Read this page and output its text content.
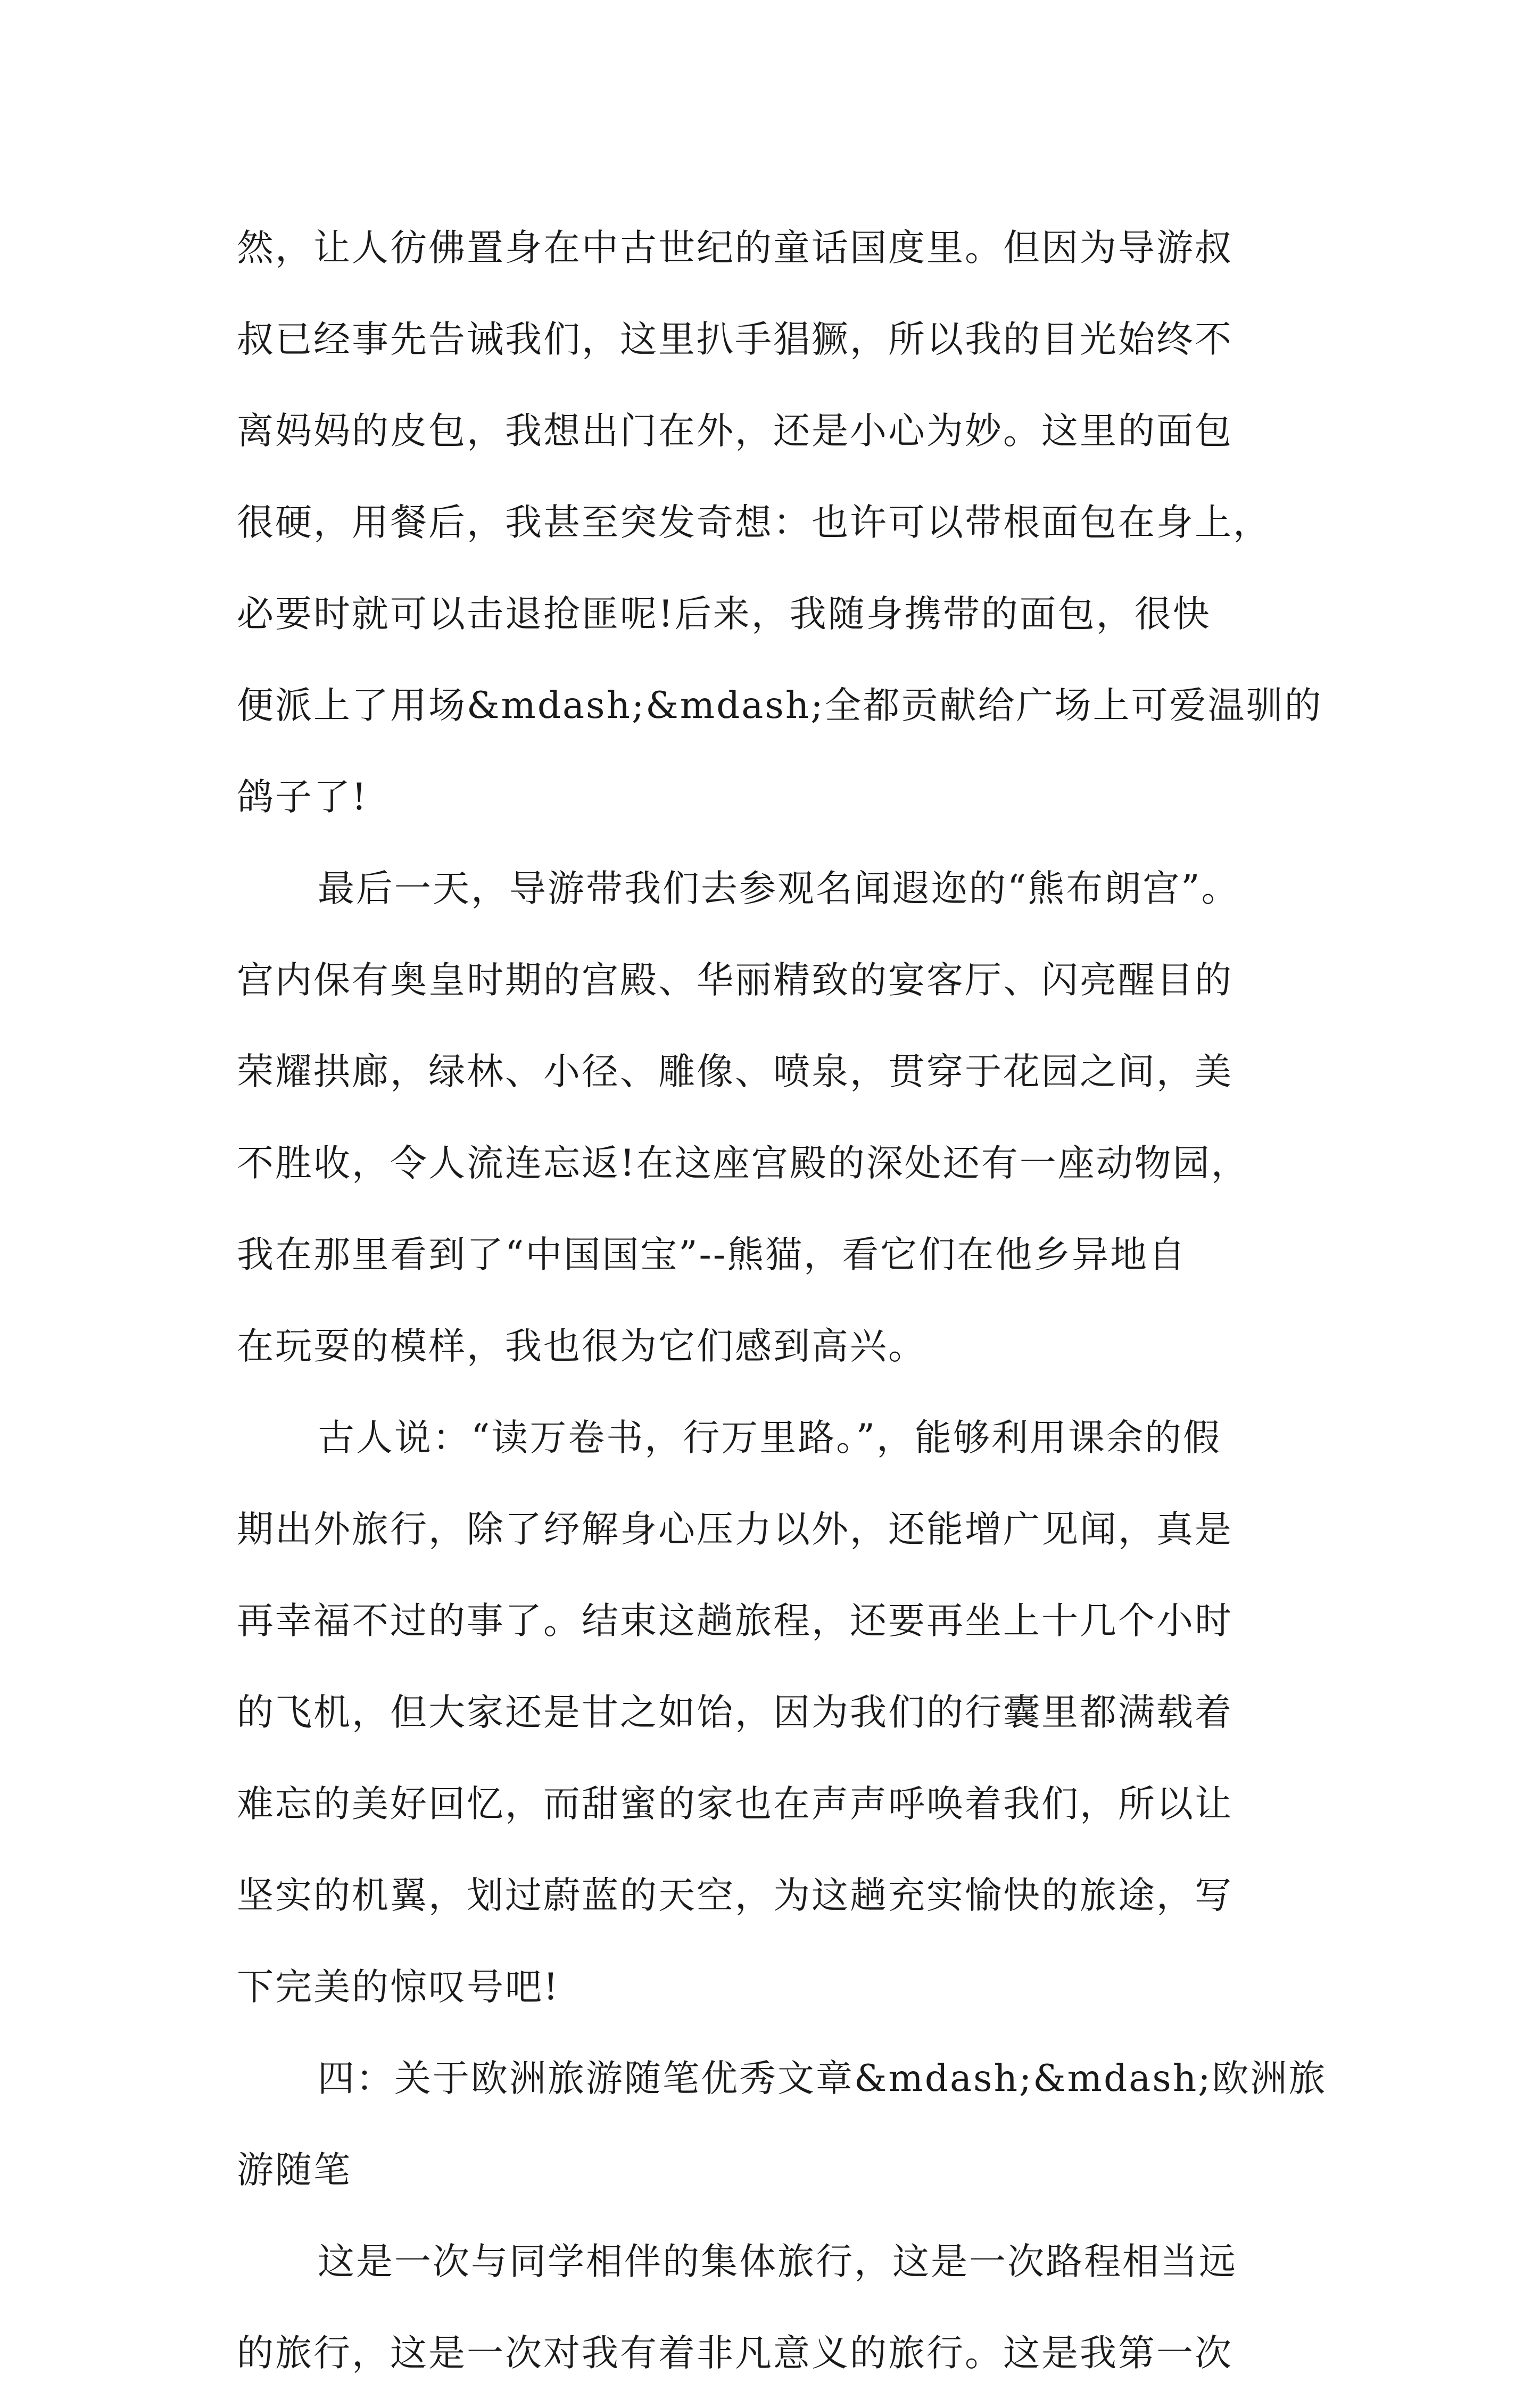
然，让人彷佛置身在中古世纪的童话国度里。但因为导游叔
叔已经事先告诫我们，这里扒手猖獗，所以我的目光始终不
离妈妈的皮包，我想出门在外，还是小心为妙。这里的面包
很硬，用餐后，我甚至突发奇想：也许可以带根面包在身上，
必要时就可以击退抢匪呢!后来，我随身携带的面包，很快
便派上了用场&mdash;&mdash;全都贡献给广场上可爱温驯的
鸽子了!
最后一天，导游带我们去参观名闻遐迩的“熊布朗宫”。
宫内保有奥皇时期的宫殿、华丽精致的宴客厅、闪亮醒目的
荣耀拱廊，绿林、小径、雕像、喷泉，贯穿于花园之间，美
不胜收，令人流连忘返!在这座宫殿的深处还有一座动物园，
我在那里看到了“中国国宝”--熊猫，看它们在他乡异地自
在玩耍的模样，我也很为它们感到高兴。
古人说：“读万卷书，行万里路。”，能够利用课余的假
期出外旅行，除了纾解身心压力以外，还能增广见闻，真是
再幸福不过的事了。结束这趟旅程，还要再坐上十几个小时
的飞机，但大家还是甘之如饴，因为我们的行囊里都满载着
难忘的美好回忆，而甜蜜的家也在声声呼唤着我们，所以让
坚实的机翼，划过蔚蓝的天空，为这趟充实愉快的旅途，写
下完美的惊叹号吧!
四：关于欧洲旅游随笔优秀文章&mdash;&mdash;欧洲旅
游随笔
这是一次与同学相伴的集体旅行，这是一次路程相当远
的旅行，这是一次对我有着非凡意义的旅行。这是我第一次
